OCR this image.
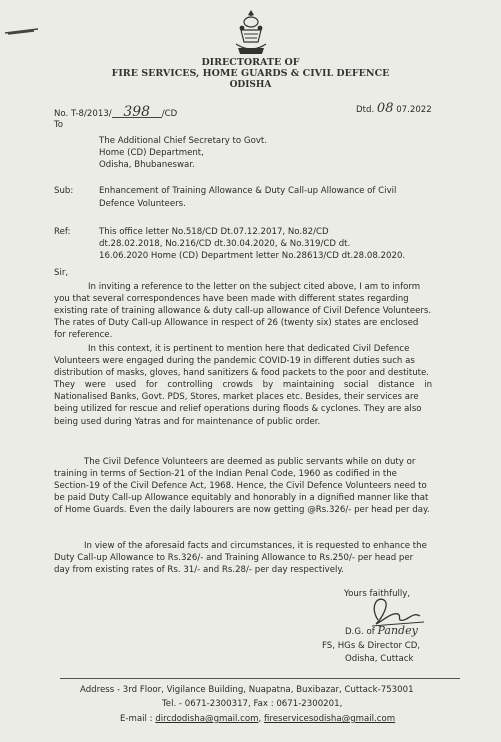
DIRECTORATE OF
FIRE SERVICES, HOME GUARDS & CIVIL DEFENCE
ODISHA
No. T-8/2013/ 398 /CD	Dtd. 08 07.2022
To
The Additional Chief Secretary to Govt.
Home (CD) Department,
Odisha, Bhubaneswar.
Sub:	Enhancement of Training Allowance & Duty Call-up Allowance of Civil
Defence Volunteers.
Ref:	This office letter No.518/CD Dt.07.12.2017, No.82/CD
dt.28.02.2018, No.216/CD dt.30.04.2020, & No.319/CD dt.
16.06.2020 Home (CD) Department letter No.28613/CD dt.28.08.2020.
Sir,
In inviting a reference to the letter on the subject cited above, I am to inform
you that several correspondences have been made with different states regarding
existing rate of training allowance & duty call-up allowance of Civil Defence Volunteers.
The rates of Duty Call-up Allowance in respect of 26 (twenty six) states are enclosed
for reference.
In this context, it is pertinent to mention here that dedicated Civil Defence
Volunteers were engaged during the pandemic COVID-19 in different duties such as
distribution of masks, gloves, hand sanitizers & food packets to the poor and destitute.
They were used for controlling crowds by maintaining social distance in
Nationalised Banks, Govt. PDS, Stores, market places etc. Besides, their services are
being utilized for rescue and relief operations during floods & cyclones. They are also
being used during Yatras and for maintenance of public order.
The Civil Defence Volunteers are deemed as public servants while on duty or
training in terms of Section-21 of the Indian Penal Code, 1960 as codified in the
Section-19 of the Civil Defence Act, 1968. Hence, the Civil Defence Volunteers need to
be paid Duty Call-up Allowance equitably and honorably in a dignified manner like that
of Home Guards. Even the daily labourers are now getting @Rs.326/- per head per day.
In view of the aforesaid facts and circumstances, it is requested to enhance the
Duty Call-up Allowance to Rs.326/- and Training Allowance to Rs.250/- per head per
day from existing rates of Rs. 31/- and Rs.28/- per day respectively.
Yours faithfully,
D.G. of Pandey
FS, HGs & Director CD,
Odisha, Cuttack
Address - 3rd Floor, Vigilance Building, Nuapatna, Buxibazar, Cuttack-753001
Tel. - 0671-2300317, Fax : 0671-2300201,
E-mail : dircdodisha@gmail.com, fireservicesodisha@gmail.com
